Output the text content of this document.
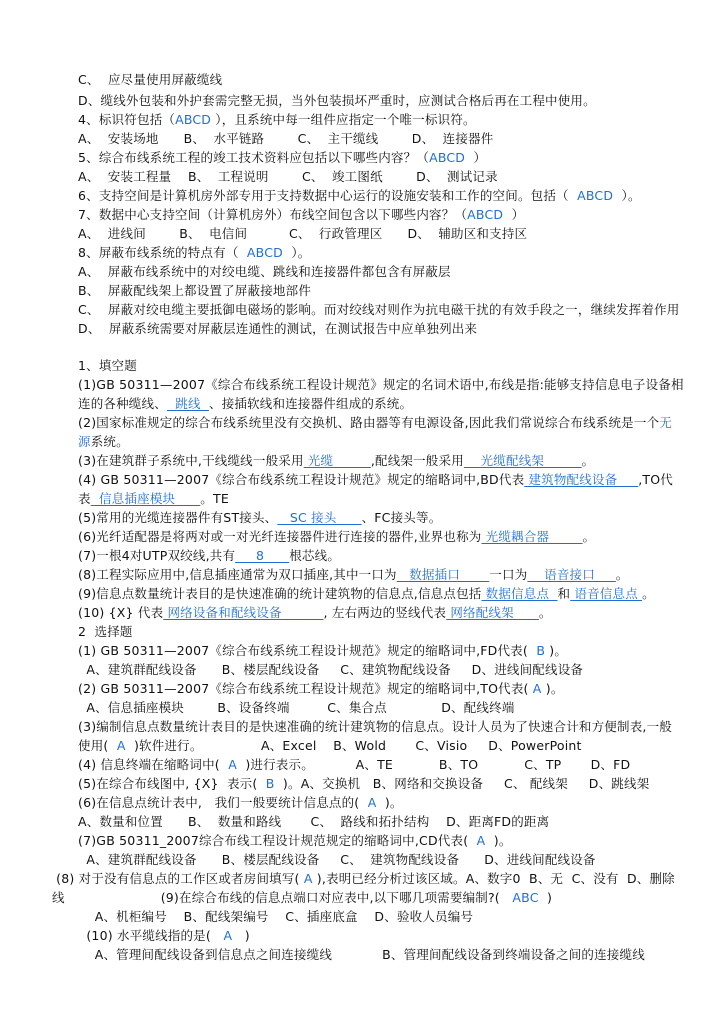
C、  应尽量使用屏蔽缆线
D、缆线外包装和外护套需完整无损，当外包装损坏严重时，应测试合格后再在工程中使用。
4、标识符包括（ABCD ），且系统中每一组件应指定一个唯一标识符。
A、  安装场地      B、  水平链路        C、  主干缆线        D、  连接器件
5、综合布线系统工程的竣工技术资料应包括以下哪些内容？（ABCD  ）
A、  安装工程量    B、  工程说明        C、  竣工图纸        D、  测试记录
6、支持空间是计算机房外部专用于支持数据中心运行的设施安装和工作的空间。包括（  ABCD  ）。
7、数据中心支持空间（计算机房外）布线空间包含以下哪些内容？（ABCD  ）
A、  进线间        B、  电信间          C、  行政管理区      D、  辅助区和支持区
8、屏蔽布线系统的特点有（  ABCD  ）。
A、  屏蔽布线系统中的对绞电缆、跳线和连接器件都包含有屏蔽层
B、  屏蔽配线架上都设置了屏蔽接地部件
C、  屏蔽对绞电缆主要抵御电磁场的影响。而对绞线对则作为抗电磁干扰的有效手段之一，继续发挥着作用
D、  屏蔽系统需要对屏蔽层连通性的测试，在测试报告中应单独列出来
1、填空题
(1)GB 50311—2007《综合布线系统工程设计规范》规定的名词术语中,布线是指:能够支持信息电子设备相
连的各种缆线、  跳线  、接插软线和连接器件组成的系统。
(2)国家标准规定的综合布线系统里没有交换机、路由器等有电源设备,因此我们常说综合布线系统是一个无
源系统。
(3)在建筑群子系统中,干线缆线一般采用 光缆         ,配线架一般采用    光缆配线架         。
(4) GB 50311—2007《综合布线系统工程设计规范》规定的缩略词中,BD代表 建筑物配线设备     ,TO代
表  信息插座模块      。TE
(5)常用的光缆连接器件有ST接头、   SC 接头      、FC接头等。
(6)光纤适配器是将两对或一对光纤连接器件进行连接的器件,业界也称为 光缆耦合器        。
(7)一根4对UTP双绞线,共有     8      根芯线。
(8)工程实际应用中,信息插座通常为双口插座,其中一口为   数据插口       一口为    语音接口     。
(9)信息点数量统计表目的是快速准确的统计建筑物的信息点,信息点包括 数据信息点  和 语音信息点 。
(10) {X} 代表 网络设备和配线设备          , 左右两边的竖线代表 网络配线架      。
2  选择题
(1) GB 50311—2007《综合布线系统工程设计规范》规定的缩略词中,FD代表(  B )。
A、建筑群配线设备      B、楼层配线设备     C、建筑物配线设备     D、进线间配线设备
(2) GB 50311—2007《综合布线系统工程设计规范》规定的缩略词中,TO代表( A )。
A、信息插座模块        B、设备终端         C、集合点             D、配线终端
(3)编制信息点数量统计表目的是快速准确的统计建筑物的信息点。设计人员为了快速合计和方便制表,一般
使用(  A  )软件进行。              A、Excel    B、Wold       C、Visio     D、PowerPoint
(4) 信息终端在缩略词中(  A  )进行表示。          A、TE           B、TO           C、TP       D、FD
(5)在综合布线图中, {X}  表示(  B  )。A、交换机   B、网络和交换设备     C、 配线架     D、跳线架
(6)在信息点统计表中,   我们一般要统计信息点的(  A  )。
A、数量和位置      B、  数量和路线       C、  路线和拓扑结构    D、距离FD的距离
(7)GB 50311_2007综合布线工程设计规范规定的缩略词中,CD代表(  A  )。
A、建筑群配线设备      B、楼层配线设备     C、  建筑物配线设备      D、进线间配线设备
(8) 对于没有信息点的工作区或者房间填写( A ),表明已经分析过该区域。A、数字0  B、无  C、没有  D、删除
线                       (9)在综合布线的信息点端口对应表中,以下哪几项需要编制?(   ABC  )
A、机柜编号    B、配线架编号    C、插座底盒    D、验收人员编号
(10) 水平缆线指的是(   A   )
A、管理间配线设备到信息点之间连接缆线            B、管理间配线设备到终端设备之间的连接缆线
